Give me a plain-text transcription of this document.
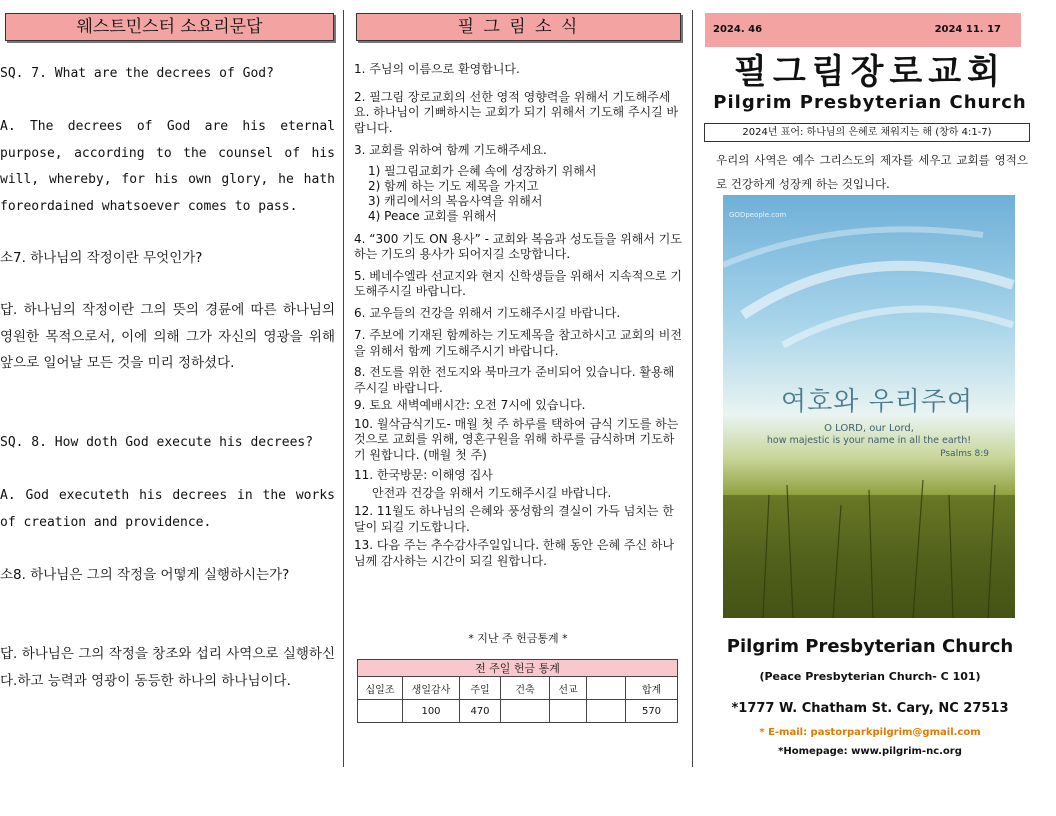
웨스트민스터 소요리문답

SQ. 7. What are the decrees of God?

A. The decrees of God are his eternal purpose, according to the counsel of his will, whereby, for his own glory, he hath foreordained whatsoever comes to pass.

소7. 하나님의 작정이란 무엇인가?

답. 하나님의 작정이란 그의 뜻의 경륜에 따른 하나님의 영원한 목적으로서, 이에 의해 그가 자신의 영광을 위해 앞으로 일어날 모든 것을 미리 정하셨다.

SQ. 8. How doth God execute his decrees?

A. God executeth his decrees in the works of creation and providence.

소8. 하나님은 그의 작정을 어떻게 실행하시는가?

답. 하나님은 그의 작정을 창조와 섭리 사역으로 실행하신다.하고 능력과 영광이 동등한 하나의 하나님이다.

필 그 림 소 식

1. 주님의 이름으로 환영합니다.

2. 필그림 장로교회의 선한 영적 영향력을 위해서 기도해주세요. 하나님이 기뻐하시는 교회가 되기 위해서 기도해 주시길 바랍니다.

3. 교회를 위하여 함께 기도해주세요.

1) 필그림교회가 은혜 속에 성장하기 위해서

2) 함께 하는 기도 제목을 가지고

3) 캐리에서의 복음사역을 위해서

4) Peace 교회를 위해서

4. “300 기도 ON 용사” - 교회와 복음과 성도들을 위해서 기도하는 기도의 용사가 되어지길 소망합니다.

5. 베네수엘라 선교지와 현지 신학생들을 위해서 지속적으로 기도해주시길 바랍니다.

6. 교우들의 건강을 위해서 기도해주시길 바랍니다.

7. 주보에 기재된 함께하는 기도제목을 참고하시고 교회의 비전을 위해서 함께 기도해주시기 바랍니다.

8. 전도를 위한 전도지와 북마크가 준비되어 있습니다. 활용해 주시길 바랍니다.

9. 토요 새벽예배시간: 오전 7시에 있습니다.

10. 월삭금식기도- 매월 첫 주 하루를 택하여 금식 기도를 하는 것으로 교회를 위해, 영혼구원을 위해 하루를 금식하며 기도하기 원합니다. (매월 첫 주)

11. 한국방문: 이해영 집사

안전과 건강을 위해서 기도해주시길 바랍니다.

12. 11월도 하나님의 은혜와 풍성함의 결실이 가득 넘치는 한 달이 되길 기도합니다.

13. 다음 주는 추수감사주일입니다. 한해 동안 은혜 주신 하나님께 감사하는 시간이 되길 원합니다.

* 지난 주 헌금통계 *
전 주일 헌금 통계						
십일조	생일감사	주일	건축	선교		합계
	100	470				570
2024. 46	2024 11. 17
필그림장로교회
Pilgrim Presbyterian Church
2024년 표어: 하나님의 은혜로 채워지는 해 (창하 4:1-7)
우리의 사역은 예수 그리스도의 제자를 세우고 교회를 영적으로 건강하게 성장케 하는 것입니다.
GODpeople.com
여호와 우리주여
O LORD, our Lord,
how majestic is your name in all the earth!
Psalms 8:9
Pilgrim Presbyterian Church
(Peace Presbyterian Church- C 101)
*1777 W. Chatham St. Cary, NC 27513
* E-mail: pastorparkpilgrim@gmail.com
*Homepage: www.pilgrim-nc.org
